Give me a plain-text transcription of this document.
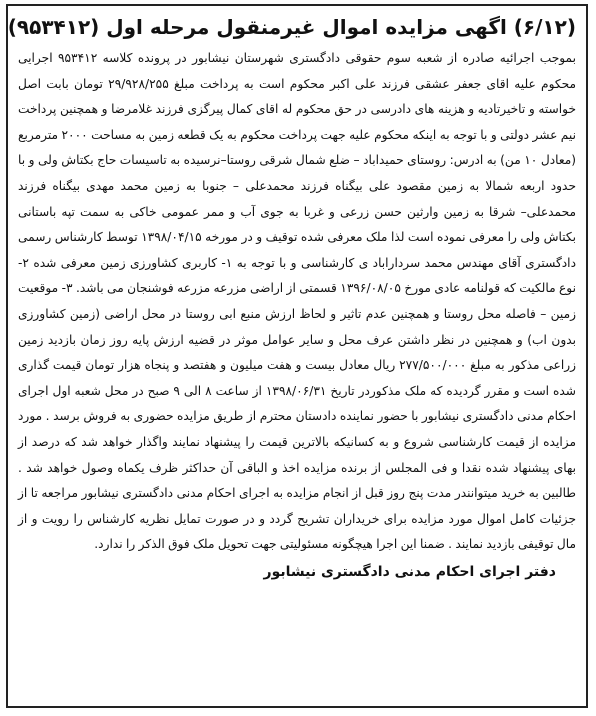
(۶/۱۲) اگهی مزایده اموال غیرمنقول مرحله اول (۹۵۳۴۱۲)

بموجب اجرائیه صادره از شعبه سوم حقوقی دادگستری شهرستان نیشابور در پرونده کلاسه ۹۵۳۴۱۲ اجرایی محکوم علیه اقای جعفر عشقی فرزند علی اکبر محکوم است به پرداخت مبلغ ۲۹/۹۲۸/۲۵۵ تومان بابت اصل خواسته و تاخیرتادیه و هزینه های دادرسی در حق محکوم له اقای کمال پیرگزی فرزند غلامرضا و همچنین پرداخت نیم عشر دولتی و با توجه به اینکه محکوم علیه جهت پرداخت محکوم به یک قطعه زمین به مساحت ۲۰۰۰ مترمربع (معادل ۱۰ من) به ادرس: روستای حمیداباد – ضلع شمال شرقی روستا–نرسیده به تاسیسات حاج بکتاش ولی و با حدود اربعه شمالا به زمین مقصود علی بیگناه فرزند محمدعلی – جنوبا به زمین محمد مهدی بیگناه فرزند محمدعلی– شرقا به زمین وارثین حسن زرعی و غربا به جوی آب و ممر عمومی خاکی به سمت تپه باستانی بکتاش ولی را معرفی نموده است لذا ملک معرفی شده توقیف و در مورخه ۱۳۹۸/۰۴/۱۵ توسط کارشناس رسمی دادگستری آقای مهندس محمد سرداراباد ی کارشناسی و با توجه به ۱- کاربری کشاورزی زمین معرفی شده ۲- نوع مالکیت که قولنامه عادی مورخ ۱۳۹۶/۰۸/۰۵ قسمتی از اراضی مزرعه مزرعه فوشنجان می باشد. ۳- موقعیت زمین – فاصله محل روستا و همچنین عدم تاثیر و لحاظ ارزش منبع ابی روستا در محل اراضی (زمین کشاورزی بدون اب) و همچنین در نظر داشتن عرف محل و سایر عوامل موثر در قضیه ارزش پایه روز زمان بازدید زمین زراعی مذکور به مبلغ ۲۷۷/۵۰۰/۰۰۰ ریال معادل بیست و هفت میلیون و هفتصد و پنجاه هزار تومان قیمت گذاری شده است و مقرر گردیده که ملک مذکوردر تاریخ ۱۳۹۸/۰۶/۳۱ از ساعت ۸ الی ۹ صبح در محل شعبه اول اجرای احکام مدنی دادگستری نیشابور با حضور نماینده دادستان محترم از طریق مزایده حضوری به فروش برسد . مورد مزایده از قیمت کارشناسی شروع و به کسانیکه بالاترین قیمت را پیشنهاد نمایند واگذار خواهد شد که درصد از بهای پیشنهاد شده نقدا و فی المجلس از برنده مزایده اخذ و الباقی آن حداکثر ظرف یکماه وصول خواهد شد . طالبین به خرید میتوانندر مدت پنج روز قبل از انجام مزایده به اجرای احکام مدنی دادگستری نیشابور مراجعه تا از جزئیات کامل اموال مورد مزایده برای خریداران تشریح گردد و در صورت تمایل نظریه کارشناس را رویت و از مال توقیفی بازدید نمایند . ضمنا این اجرا هیچگونه مسئولیتی جهت تحویل ملک فوق الذکر را ندارد.

دفتر اجرای احکام مدنی دادگستری نیشابور
